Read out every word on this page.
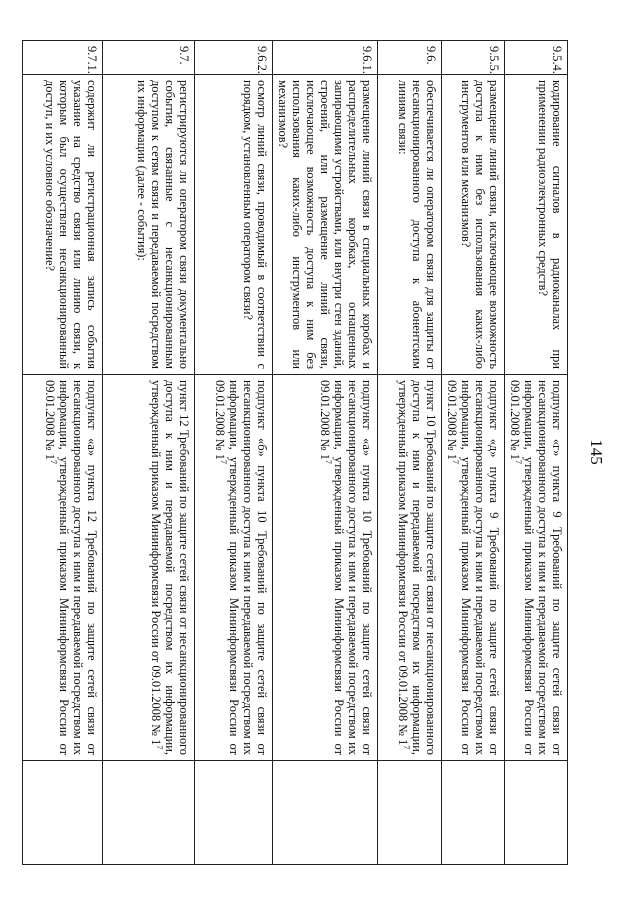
145
9.5.4.	кодирование сигналов в радиоканалах при применении радиоэлектронных средств?	подпункт «г» пункта 9 Требований по защите сетей связи от несанкционированного доступа к ним и передаваемой посредством их информации, утвержденный приказом Мининформсвязи России от 09.01.2008 № $1^7$	
9.5.5.	размещение линий связи, исключающее возможность доступа к ним без использования каких-либо инструментов или механизмов?	подпункт «д» пункта 9 Требований по защите сетей связи от несанкционированного доступа к ним и передаваемой посредством их информации, утвержденный приказом Мининформсвязи России от 09.01.2008 № $1^7$	
9.6.	обеспечивается ли оператором связи для защиты от несанкционированного доступа к абонентским линиям связи:	пункт 10 Требований по защите сетей связи от несанкционированного доступа к ним и передаваемой посредством их информации, утвержденный приказом Мининформсвязи России от 09.01.2008 № $1^7$	
9.6.1.	размещение линий связи в специальных коробах и распределительных коробках, оснащенных запирающими устройствами, или внутри стен зданий, строений, или размещение линий связи, исключающее возможность доступа к ним без использования каких-либо инструментов или механизмов?	подпункт «а» пункта 10 Требований по защите сетей связи от несанкционированного доступа к ним и передаваемой посредством их информации, утвержденный приказом Мининформсвязи России от 09.01.2008 № $1^7$	
9.6.2.	осмотр линий связи, проводимый в соответствии с порядком, установленным оператором связи?	подпункт «б» пункта 10 Требований по защите сетей связи от несанкционированного доступа к ним и передаваемой посредством их информации, утвержденный приказом Мининформсвязи России от 09.01.2008 № $1^7$	
9.7.	регистрируются ли оператором связи документально события, связанные с несанкционированным доступом к сетям связи и передаваемой посредством их информации (далее - события):	пункт 12 Требований по защите сетей связи от несанкционированного доступа к ним и передаваемой посредством их информации, утвержденный приказом Мининформсвязи России от 09.01.2008 № $1^7$	
9.7.1.	содержит ли регистрационная запись события указание на средство связи или линию связи, к которым был осуществлен несанкционированный доступ, и их условное обозначение?	подпункт «а» пункта 12 Требований по защите сетей связи от несанкционированного доступа к ним и передаваемой посредством их информации, утвержденный приказом Мининформсвязи России от 09.01.2008 № $1^7$	
